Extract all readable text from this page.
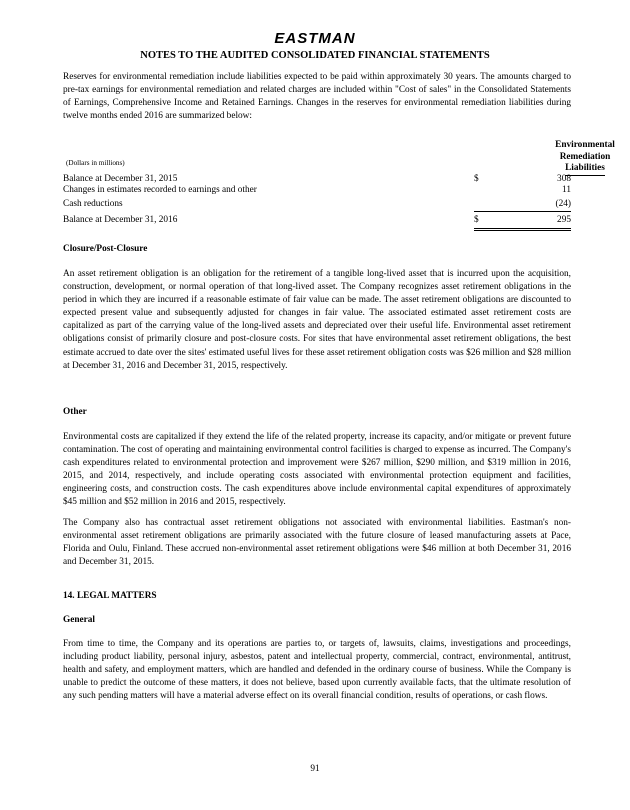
EASTMAN
NOTES TO THE AUDITED CONSOLIDATED FINANCIAL STATEMENTS
Reserves for environmental remediation include liabilities expected to be paid within approximately 30 years. The amounts charged to pre-tax earnings for environmental remediation and related charges are included within "Cost of sales" in the Consolidated Statements of Earnings, Comprehensive Income and Retained Earnings. Changes in the reserves for environmental remediation liabilities during twelve months ended 2016 are summarized below:
Environmental
Remediation
Liabilities
(Dollars in millions)
Balance at December 31, 2015	$	308
Changes in estimates recorded to earnings and other	11
Cash reductions	(24)
Balance at December 31, 2016	$	295
Closure/Post-Closure
An asset retirement obligation is an obligation for the retirement of a tangible long-lived asset that is incurred upon the acquisition, construction, development, or normal operation of that long-lived asset. The Company recognizes asset retirement obligations in the period in which they are incurred if a reasonable estimate of fair value can be made. The asset retirement obligations are discounted to expected present value and subsequently adjusted for changes in fair value. The associated estimated asset retirement costs are capitalized as part of the carrying value of the long-lived assets and depreciated over their useful life. Environmental asset retirement obligations consist of primarily closure and post-closure costs. For sites that have environmental asset retirement obligations, the best estimate accrued to date over the sites' estimated useful lives for these asset retirement obligation costs was $26 million and $28 million at December 31, 2016 and December 31, 2015, respectively.
Other
Environmental costs are capitalized if they extend the life of the related property, increase its capacity, and/or mitigate or prevent future contamination. The cost of operating and maintaining environmental control facilities is charged to expense as incurred. The Company's cash expenditures related to environmental protection and improvement were $267 million, $290 million, and $319 million in 2016, 2015, and 2014, respectively, and include operating costs associated with environmental protection equipment and facilities, engineering costs, and construction costs. The cash expenditures above include environmental capital expenditures of approximately $45 million and $52 million in 2016 and 2015, respectively.
The Company also has contractual asset retirement obligations not associated with environmental liabilities. Eastman's non-environmental asset retirement obligations are primarily associated with the future closure of leased manufacturing assets at Pace, Florida and Oulu, Finland. These accrued non-environmental asset retirement obligations were $46 million at both December 31, 2016 and December 31, 2015.
14. LEGAL MATTERS
General
From time to time, the Company and its operations are parties to, or targets of, lawsuits, claims, investigations and proceedings, including product liability, personal injury, asbestos, patent and intellectual property, commercial, contract, environmental, antitrust, health and safety, and employment matters, which are handled and defended in the ordinary course of business. While the Company is unable to predict the outcome of these matters, it does not believe, based upon currently available facts, that the ultimate resolution of any such pending matters will have a material adverse effect on its overall financial condition, results of operations, or cash flows.
91
